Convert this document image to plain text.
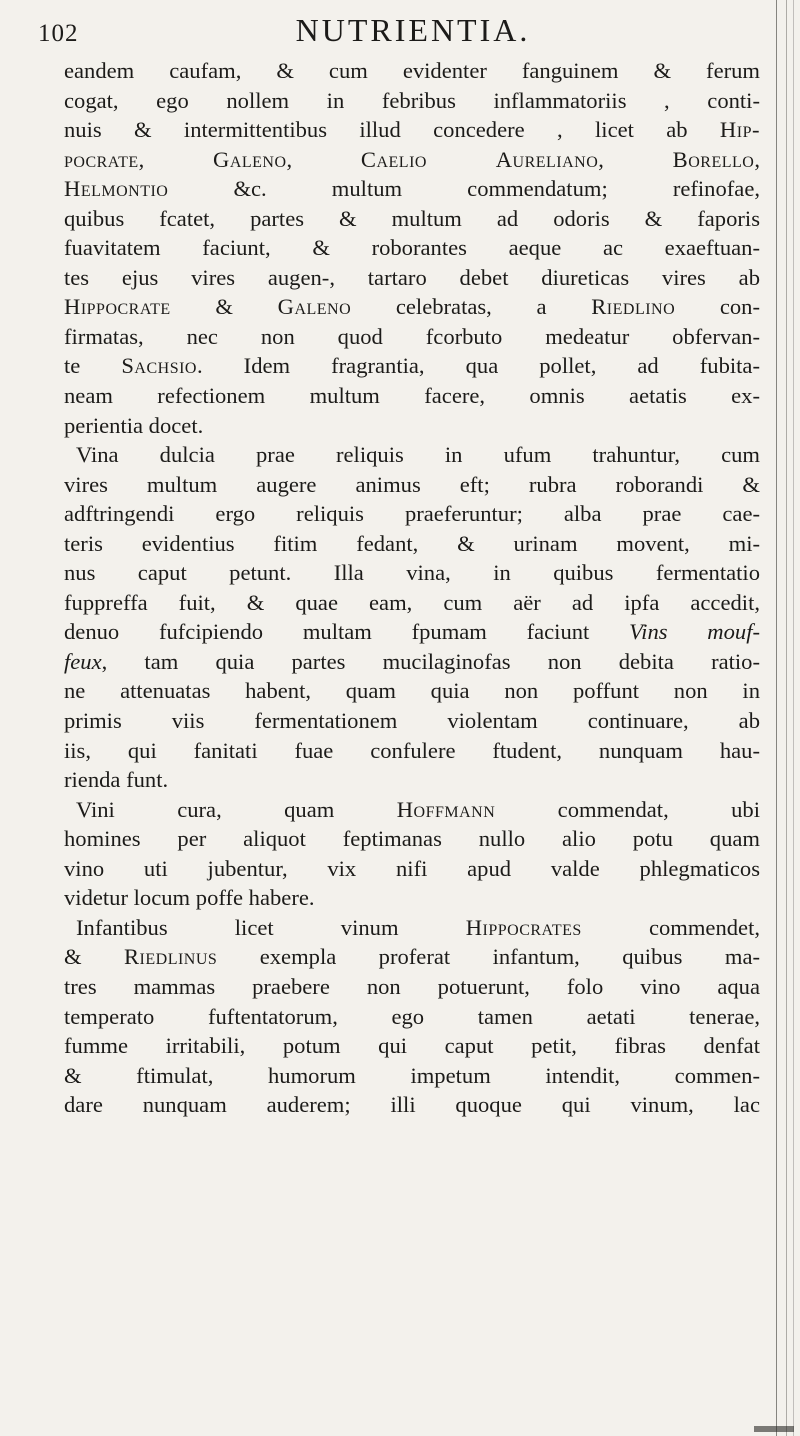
102	NUTRIENTIA.
eandem caufam, & cum evidenter fanguinem & ferum
cogat, ego nollem in febribus inflammatoriis , conti-
nuis & intermittentibus illud concedere , licet ab Hip-
pocrate, Galeno, Caelio	Aureliano, Borello,
Helmontio &c. multum commendatum; refinofae,
quibus fcatet, partes & multum ad odoris & faporis
fuavitatem faciunt, & roborantes aeque ac exaeftuan-
tes ejus vires augen-, tartaro debet diureticas vires ab
Hippocrate & Galeno celebratas, a Riedlino con-
firmatas, nec non quod fcorbuto medeatur obfervan-
te Sachsio. Idem fragrantia, qua pollet, ad fubita-
neam refectionem multum facere, omnis aetatis ex-
perientia docet.
Vina dulcia prae reliquis in ufum trahuntur, cum
vires multum augere animus eft; rubra roborandi &
adftringendi ergo reliquis praeferuntur; alba prae cae-
teris evidentius fitim fedant, & urinam movent, mi-
nus caput petunt. Illa vina, in quibus fermentatio
fuppreffa fuit, & quae eam, cum aër ad ipfa accedit,
denuo fufcipiendo multam fpumam faciunt Vins mouf-
feux, tam quia partes mucilaginofas non debita ratio-
ne attenuatas habent, quam quia non poffunt non in
primis viis fermentationem violentam continuare, ab
iis, qui fanitati fuae confulere ftudent, nunquam hau-
rienda funt.
Vini cura, quam Hoffmann commendat, ubi
homines per aliquot feptimanas nullo alio potu quam
vino uti jubentur, vix nifi apud valde phlegmaticos
videtur locum poffe habere.
Infantibus licet vinum Hippocrates commendet,
& Riedlinus exempla proferat infantum, quibus ma-
tres mammas praebere non potuerunt, folo vino aqua
temperato fuftentatorum, ego tamen aetati tenerae,
fumme irritabili, potum qui caput petit, fibras denfat
& ftimulat, humorum impetum intendit, commen-
dare nunquam auderem; illi quoque qui vinum, lac
